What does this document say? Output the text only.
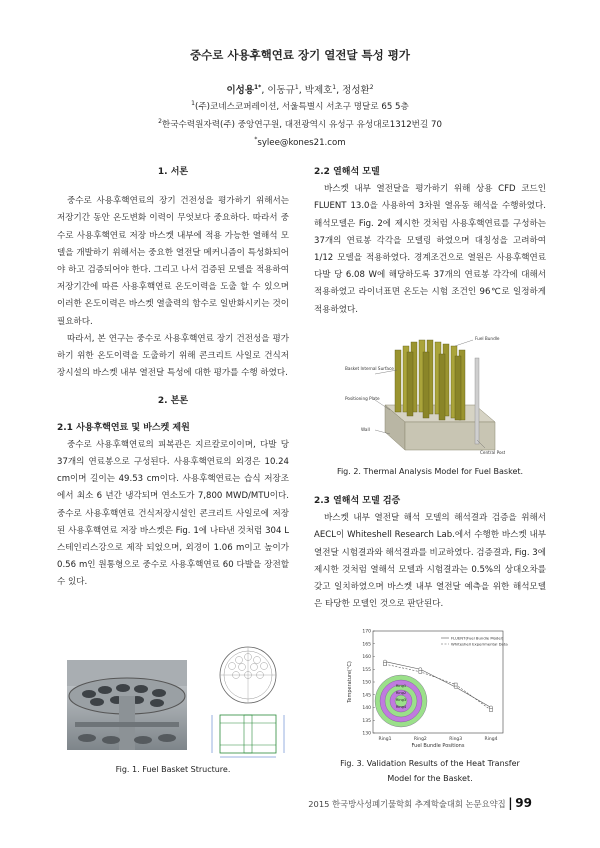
중수로 사용후핵연료 장기 열전달 특성 평가
이성용$^{1*}$, 이동규$^1$, 박제호$^1$, 정성환$^2$
$^1$(주)코네스코퍼레이션, 서울특별시 서초구 명달로 65 5층
$^2$한국수력원자력(주) 중앙연구원, 대전광역시 유성구 유성대로1312번길 70
*sylee@kones21.com
1. 서론

중수로 사용후핵연료의 장기 건전성을 평가하기 위해서는 저장기간 동안 온도변화 이력이 무엇보다 중요하다. 따라서 중수로 사용후핵연료 저장 바스켓 내부에 적용 가능한 열해석 모델을 개발하기 위해서는 중요한 열전달 메커니즘이 특성화되어야 하고 검증되어야 한다. 그리고 나서 검증된 모델을 적용하여 저장기간에 따른 사용후핵연료 온도이력을 도출 할 수 있으며 이러한 온도이력은 바스켓 열출력의 함수로 일반화시키는 것이 필요하다.

따라서, 본 연구는 중수로 사용후핵연료 장기 건전성을 평가하기 위한 온도이력을 도출하기 위해 콘크리트 사일로 건식저장시설의 바스켓 내부 열전달 특성에 대한 평가를 수행 하였다.

2. 본론
2.1 사용후핵연료 및 바스켓 제원

중수로 사용후핵연료의 피복관은 지르칼로이이며, 다발 당 37개의 연료봉으로 구성된다. 사용후핵연료의 외경은 10.24 cm이며 길이는 49.53 cm이다. 사용후핵연료는 습식 저장조에서 최소 6 년간 냉각되며 연소도가 7,800 MWD/MTU이다. 중수로 사용후핵연료 건식저장시설인 콘크리트 사일로에 저장된 사용후핵연료 저장 바스켓은 Fig. 1에 나타낸 것처럼 304 L 스테인리스강으로 제작 되었으며, 외경이 1.06 m이고 높이가 0.56 m인 원통형으로 중수로 사용후핵연료 60 다발을 장전할 수 있다.

Fig. 1. Fuel Basket Structure.
2.2 열해석 모델

바스켓 내부 열전달을 평가하기 위해 상용 CFD 코드인 FLUENT 13.0을 사용하여 3차원 열유동 해석을 수행하였다. 해석모델은 Fig. 2에 제시한 것처럼 사용후핵연료를 구성하는 37개의 연료봉 각각을 모델링 하였으며 대칭성을 고려하여 1/12 모델을 적용하였다. 경계조건으로 열원은 사용후핵연료 다발 당 6.08 W에 해당하도록 37개의 연료봉 각각에 대해서 적용하였고 라이너표면 온도는 시험 조건인 96℃로 일정하게 적용하였다.

Fuel Bundle
Basket Internal Surface
Positioning Plate
Wall
Central Post
Fig. 2. Thermal Analysis Model for Fuel Basket.
2.3 열해석 모델 검증

바스켓 내부 열전달 해석 모델의 해석결과 검증을 위해서 AECL이 Whiteshell Research Lab.에서 수행한 바스켓 내부 열전달 시험결과와 해석결과를 비교하였다. 검증결과, Fig. 3에 제시한 것처럼 열해석 모델과 시험결과는 0.5%의 상대오차를 갖고 일치하였으며 바스켓 내부 열전달 예측을 위한 해석모델은 타당한 모델인 것으로 판단된다.

130
135
140
145
150
155
160
165
170
Ring1	Ring2	Ring3	Ring4
Ring1
Ring2
Ring3
Ring4
FLUENT(Fuel Bundle Model)
Whiteshell Experimental Data
Temperature(°C)
Fuel Bundle Positions
Fig. 3. Validation Results of the Heat Transfer
Model for the Basket.
2015 한국방사성폐기물학회 추계학술대회 논문요약집 | 99
